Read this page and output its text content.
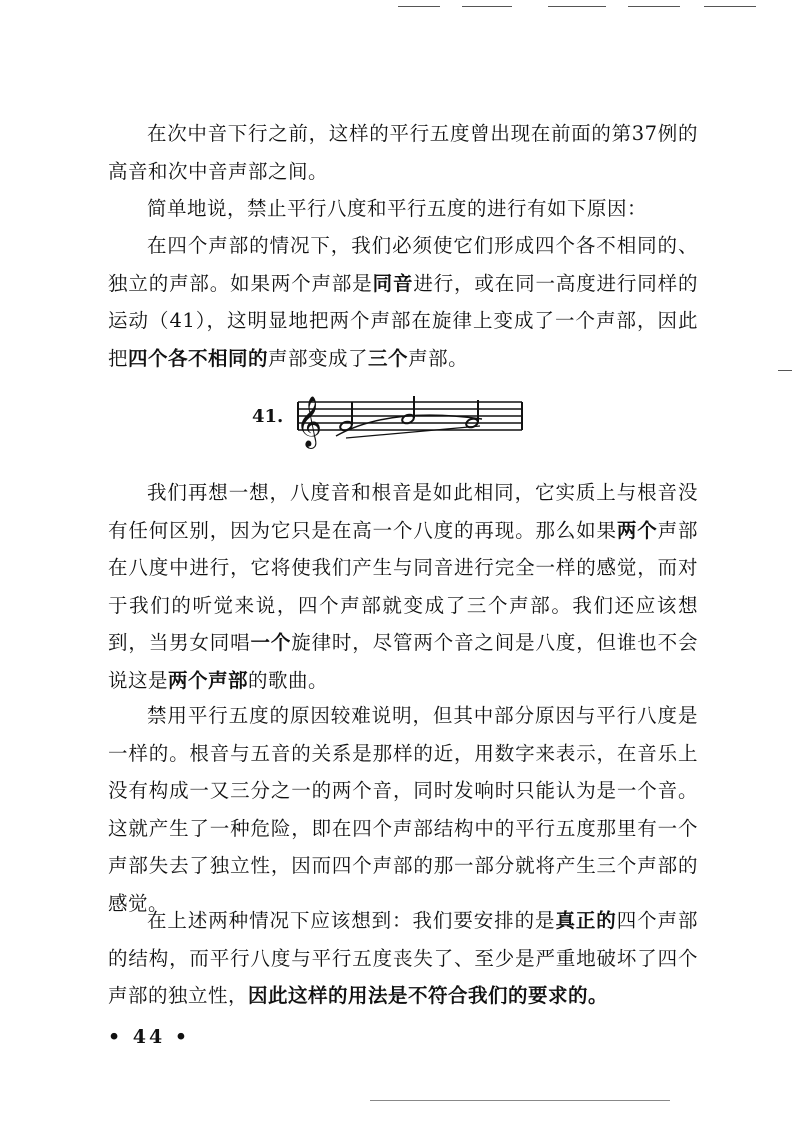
在次中音下行之前，这样的平行五度曾出现在前面的第37例的高音和次中音声部之间。

简单地说，禁止平行八度和平行五度的进行有如下原因：

在四个声部的情况下，我们必须使它们形成四个各不相同的、独立的声部。如果两个声部是同音进行，或在同一高度进行同样的运动（41），这明显地把两个声部在旋律上变成了一个声部，因此把四个各不相同的声部变成了三个声部。

41. 𝄞

我们再想一想，八度音和根音是如此相同，它实质上与根音没有任何区别，因为它只是在高一个八度的再现。那么如果两个声部在八度中进行，它将使我们产生与同音进行完全一样的感觉，而对于我们的听觉来说，四个声部就变成了三个声部。我们还应该想到，当男女同唱一个旋律时，尽管两个音之间是八度，但谁也不会说这是两个声部的歌曲。

禁用平行五度的原因较难说明，但其中部分原因与平行八度是一样的。根音与五音的关系是那样的近，用数字来表示，在音乐上没有构成一又三分之一的两个音，同时发响时只能认为是一个音。这就产生了一种危险，即在四个声部结构中的平行五度那里有一个声部失去了独立性，因而四个声部的那一部分就将产生三个声部的感觉。

在上述两种情况下应该想到：我们要安排的是真正的四个声部的结构，而平行八度与平行五度丧失了、至少是严重地破坏了四个声部的独立性，因此这样的用法是不符合我们的要求的。

• 44 •
